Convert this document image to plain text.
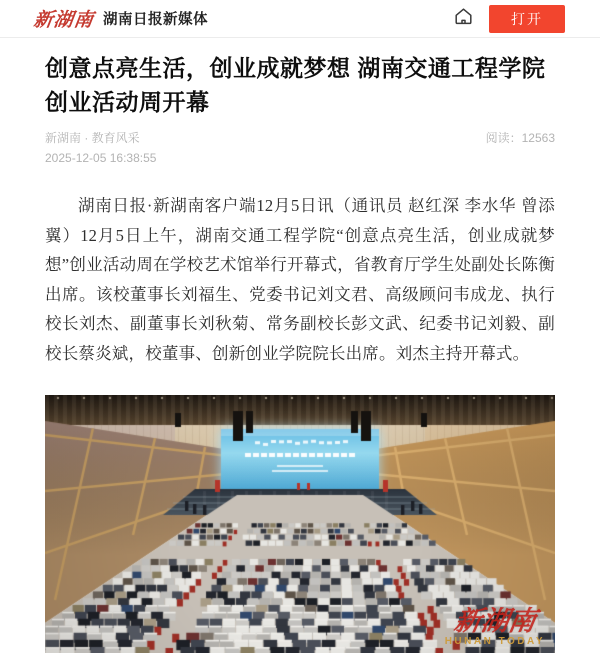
新湖南 湖南日报新媒体	打开
创意点亮生活，创业成就梦想 湖南交通工程学院创业活动周开幕
新湖南 · 教育风采	阅读：12563
2025-12-05 16:38:55

湖南日报·新湖南客户端12月5日讯（通讯员 赵红深 李水华 曾添翼）12月5日上午，湖南交通工程学院“创意点亮生活，创业成就梦想”创业活动周在学校艺术馆举行开幕式，省教育厅学生处副处长陈衡出席。该校董事长刘福生、党委书记刘文君、高级顾问韦成龙、执行校长刘杰、副董事长刘秋菊、常务副校长彭文武、纪委书记刘毅、副校长蔡炎斌，校董事、创新创业学院院长出席。刘杰主持开幕式。

新湖南
HUNAN TODAY
